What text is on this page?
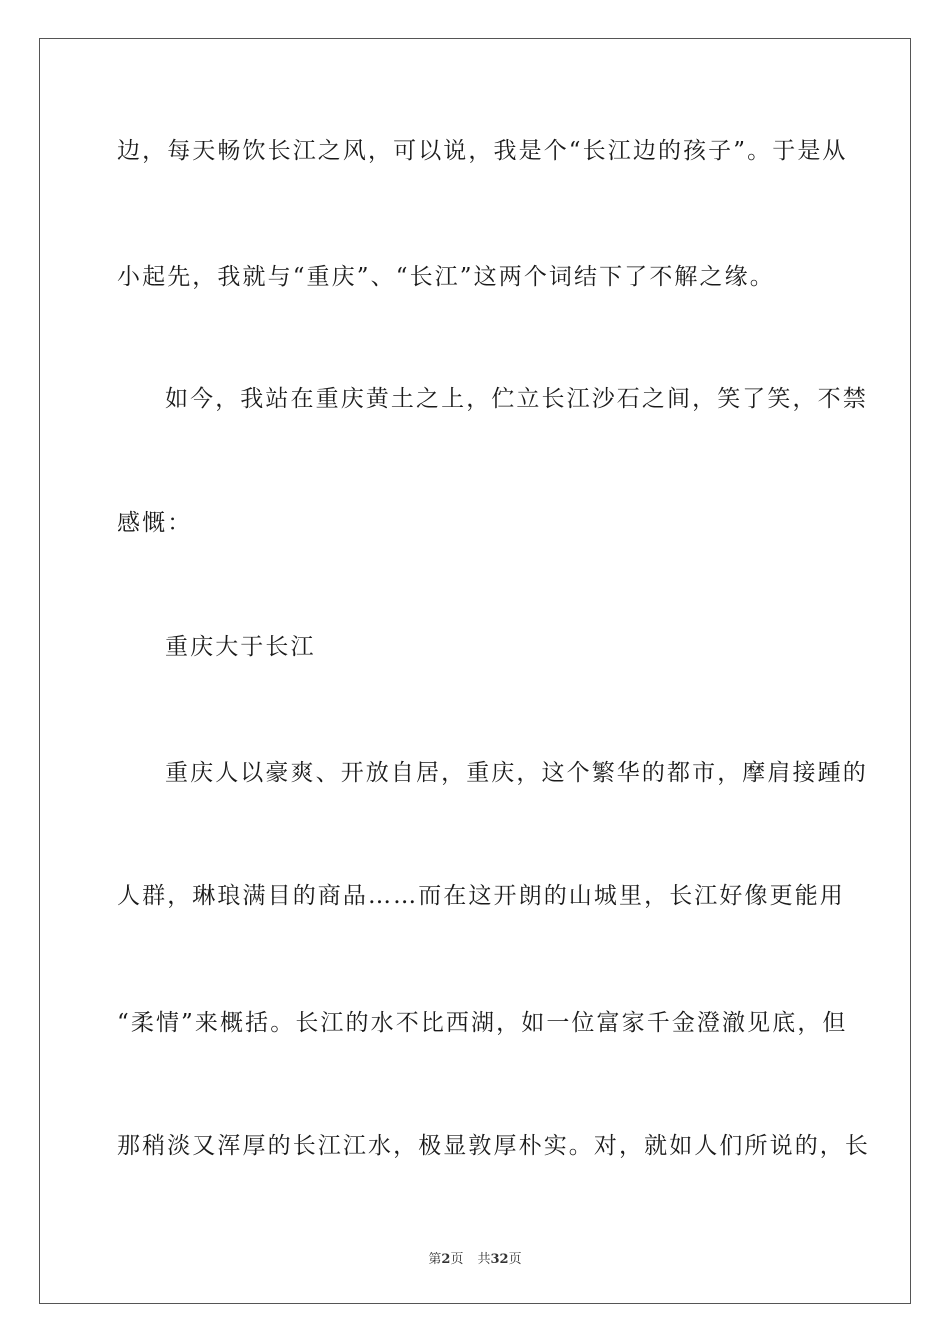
边，每天畅饮长江之风，可以说，我是个“长江边的孩子”。于是从
小起先，我就与“重庆”、“长江”这两个词结下了不解之缘。
如今，我站在重庆黄土之上，伫立长江沙石之间，笑了笑，不禁
感慨：
重庆大于长江
重庆人以豪爽、开放自居，重庆，这个繁华的都市，摩肩接踵的
人群，琳琅满目的商品……而在这开朗的山城里，长江好像更能用
“柔情”来概括。长江的水不比西湖，如一位富家千金澄澈见底，但
那稍淡又浑厚的长江江水，极显敦厚朴实。对，就如人们所说的，长
第2页 共32页
